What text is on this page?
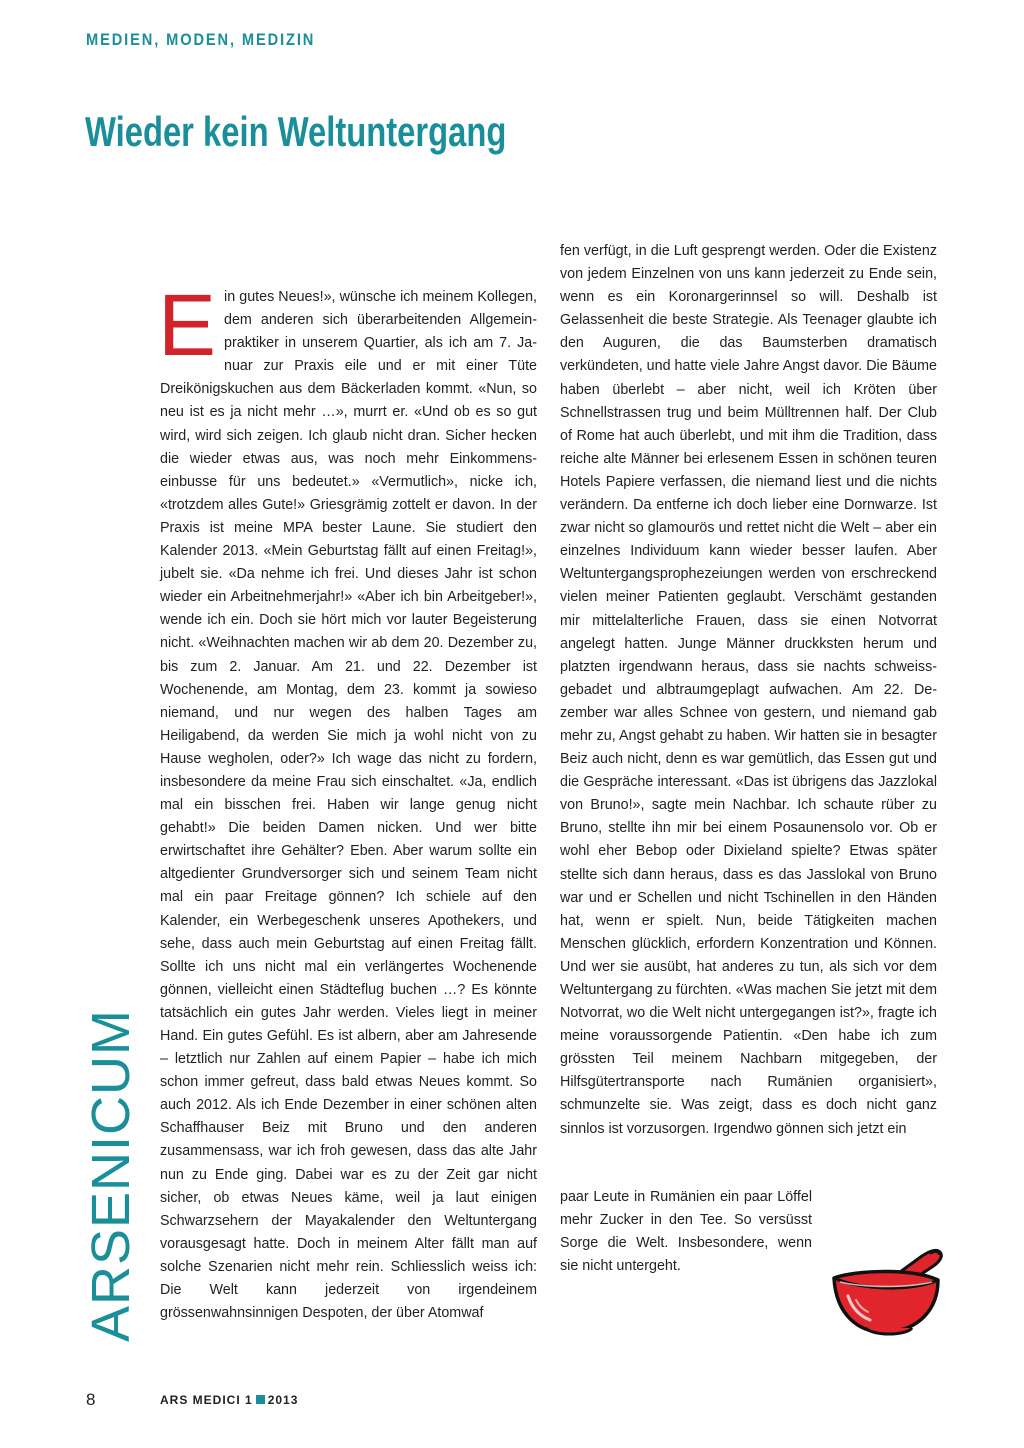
MEDIEN, MODEN, MEDIZIN
Wieder kein Weltuntergang
ARSENICUM

Ein gutes Neues!», wünsche ich meinem Kollegen, dem anderen sich überarbeitenden Allgemeinpraktiker in unserem Quartier, als ich am 7. Januar zur Praxis eile und er mit einer Tüte Dreikönigskuchen aus dem Bäckerladen kommt. «Nun, so neu ist es ja nicht mehr …», murrt er. «Und ob es so gut wird, wird sich zeigen. Ich glaub nicht dran. Sicher hecken die wieder etwas aus, was noch mehr Einkommenseinbusse für uns bedeutet.» «Vermutlich», nicke ich, «trotzdem alles Gute!» Griesgrämig zottelt er davon. In der Praxis ist meine MPA bester Laune. Sie studiert den Kalender 2013. «Mein Geburtstag fällt auf einen Freitag!», jubelt sie. «Da nehme ich frei. Und dieses Jahr ist schon wieder ein Arbeitnehmerjahr!» «Aber ich bin Arbeitgeber!», wende ich ein. Doch sie hört mich vor lauter Begeisterung nicht. «Weihnachten machen wir ab dem 20. Dezember zu, bis zum 2. Januar. Am 21. und 22. Dezember ist Wochenende, am Montag, dem 23. kommt ja sowieso niemand, und nur wegen des halben Tages am Heiligabend, da werden Sie mich ja wohl nicht von zu Hause wegholen, oder?» Ich wage das nicht zu fordern, insbesondere da meine Frau sich einschaltet. «Ja, endlich mal ein bisschen frei. Haben wir lange genug nicht gehabt!» Die beiden Damen nicken. Und wer bitte erwirtschaftet ihre Gehälter? Eben. Aber warum sollte ein altgedienter Grundversorger sich und seinem Team nicht mal ein paar Freitage gönnen? Ich schiele auf den Kalender, ein Werbegeschenk unseres Apothekers, und sehe, dass auch mein Geburtstag auf einen Freitag fällt. Sollte ich uns nicht mal ein verlängertes Wochenende gönnen, vielleicht einen Städteflug buchen …? Es könnte tatsächlich ein gutes Jahr werden. Vieles liegt in meiner Hand. Ein gutes Gefühl. Es ist albern, aber am Jahresende – letztlich nur Zahlen auf einem Papier – habe ich mich schon immer gefreut, dass bald etwas Neues kommt. So auch 2012. Als ich Ende Dezember in einer schönen alten Schaffhauser Beiz mit Bruno und den anderen zusammensass, war ich froh gewesen, dass das alte Jahr nun zu Ende ging. Dabei war es zu der Zeit gar nicht sicher, ob etwas Neues käme, weil ja laut einigen Schwarzsehern der Mayakalender den Weltuntergang vorausgesagt hatte. Doch in meinem Alter fällt man auf solche Szenarien nicht mehr rein. Schliesslich weiss ich: Die Welt kann jederzeit von irgendeinem grössenwahnsinnigen Despoten, der über Atomwaf

fen verfügt, in die Luft gesprengt werden. Oder die Existenz von jedem Einzelnen von uns kann jederzeit zu Ende sein, wenn es ein Koronargerinnsel so will. Deshalb ist Gelassenheit die beste Strategie. Als Teenager glaubte ich den Auguren, die das Baumsterben dramatisch verkündeten, und hatte viele Jahre Angst davor. Die Bäume haben überlebt – aber nicht, weil ich Kröten über Schnellstrassen trug und beim Mülltrennen half. Der Club of Rome hat auch überlebt, und mit ihm die Tradition, dass reiche alte Männer bei erlesenem Essen in schönen teuren Hotels Papiere verfassen, die niemand liest und die nichts verändern. Da entferne ich doch lieber eine Dornwarze. Ist zwar nicht so glamourös und rettet nicht die Welt – aber ein einzelnes Individuum kann wieder besser laufen. Aber Weltuntergangsprophezeiungen werden von erschreckend vielen meiner Patienten geglaubt. Verschämt gestanden mir mittelalterliche Frauen, dass sie einen Notvorrat angelegt hatten. Junge Männer druckksten herum und platzten irgendwann heraus, dass sie nachts schweissgebadet und albtraumgeplagt aufwachen. Am 22. Dezember war alles Schnee von gestern, und niemand gab mehr zu, Angst gehabt zu haben. Wir hatten sie in besagter Beiz auch nicht, denn es war gemütlich, das Essen gut und die Gespräche interessant. «Das ist übrigens das Jazzlokal von Bruno!», sagte mein Nachbar. Ich schaute rüber zu Bruno, stellte ihn mir bei einem Posaunensolo vor. Ob er wohl eher Bebop oder Dixieland spielte? Etwas später stellte sich dann heraus, dass es das Jasslokal von Bruno war und er Schellen und nicht Tschinellen in den Händen hat, wenn er spielt. Nun, beide Tätigkeiten machen Menschen glücklich, erfordern Konzentration und Können. Und wer sie ausübt, hat anderes zu tun, als sich vor dem Weltuntergang zu fürchten. «Was machen Sie jetzt mit dem Notvorrat, wo die Welt nicht untergegangen ist?», fragte ich meine voraussorgende Patientin. «Den habe ich zum grössten Teil meinem Nachbarn mitgegeben, der Hilfsgütertransporte nach Rumänien organisiert», schmunzelte sie. Was zeigt, dass es doch nicht ganz sinnlos ist vorzusorgen. Irgendwo gönnen sich jetzt ein

paar Leute in Rumänien ein paar Löffel mehr Zucker in den Tee. So versüsst Sorge die Welt. Insbesondere, wenn sie nicht untergeht.

8	ARS MEDICI 1 2013
